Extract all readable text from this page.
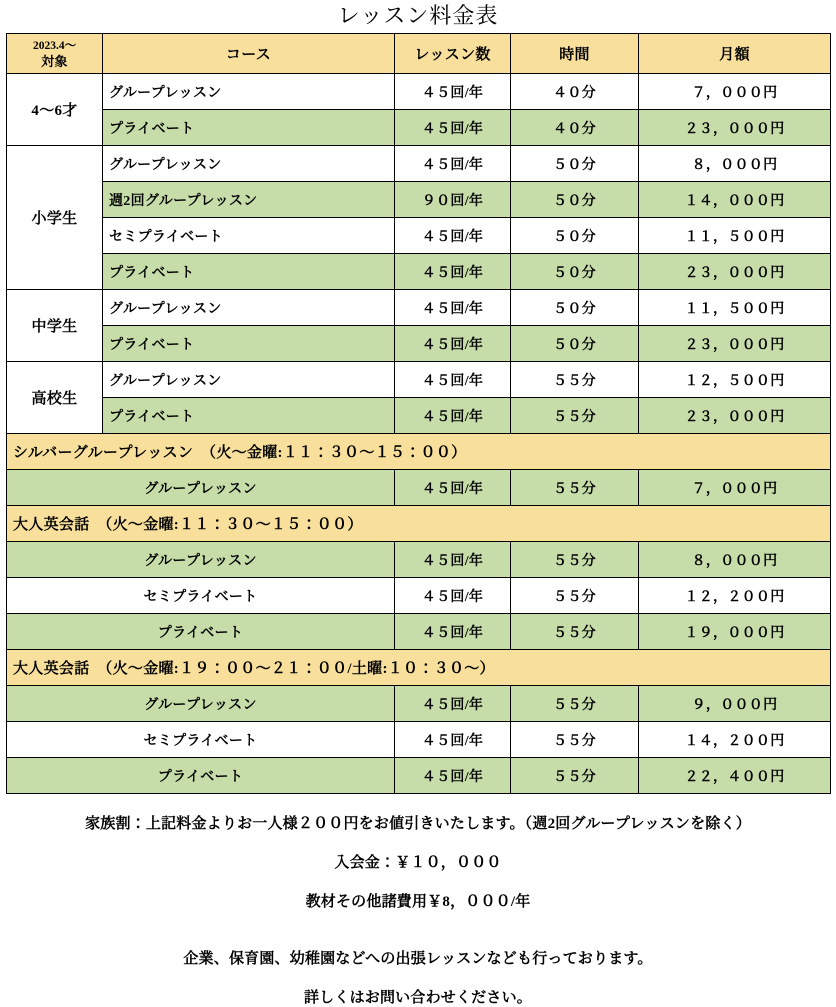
レッスン料金表
2023.4〜
対象	コース	レッスン数	時間	月額
4〜6才	グループレッスン	４５回/年	４０分	７，０００円
	プライベート	４５回/年	４０分	２３，０００円
小学生	グループレッスン	４５回/年	５０分	８，０００円
	週2回グループレッスン	９０回/年	５０分	１４，０００円
	セミプライベート	４５回/年	５０分	１１，５００円
	プライベート	４５回/年	５０分	２３，０００円
中学生	グループレッスン	４５回/年	５０分	１１，５００円
	プライベート	４５回/年	５０分	２３，０００円
高校生	グループレッスン	４５回/年	５５分	１２，５００円
	プライベート	４５回/年	５５分	２３，０００円
シルバーグループレッスン　（火〜金曜:１１：３０〜１５：００）				
グループレッスン		４５回/年	５５分	７，０００円
大人英会話　（火〜金曜:１１：３０〜１５：００）				
グループレッスン		４５回/年	５５分	８，０００円
セミプライベート		４５回/年	５５分	１２，２００円
プライベート		４５回/年	５５分	１９，０００円
大人英会話　（火〜金曜:１９：００〜２１：００/土曜:１０：３０〜）				
グループレッスン		４５回/年	５５分	９，０００円
セミプライベート		４５回/年	５５分	１４，２００円
プライベート		４５回/年	５５分	２２，４００円
家族割：上記料金よりお一人様２００円をお値引きいたします。（週2回グループレッスンを除く）
入会金：￥１０，０００
教材その他諸費用￥8，０００/年
企業、保育園、幼稚園などへの出張レッスンなども行っております。
詳しくはお問い合わせください。
